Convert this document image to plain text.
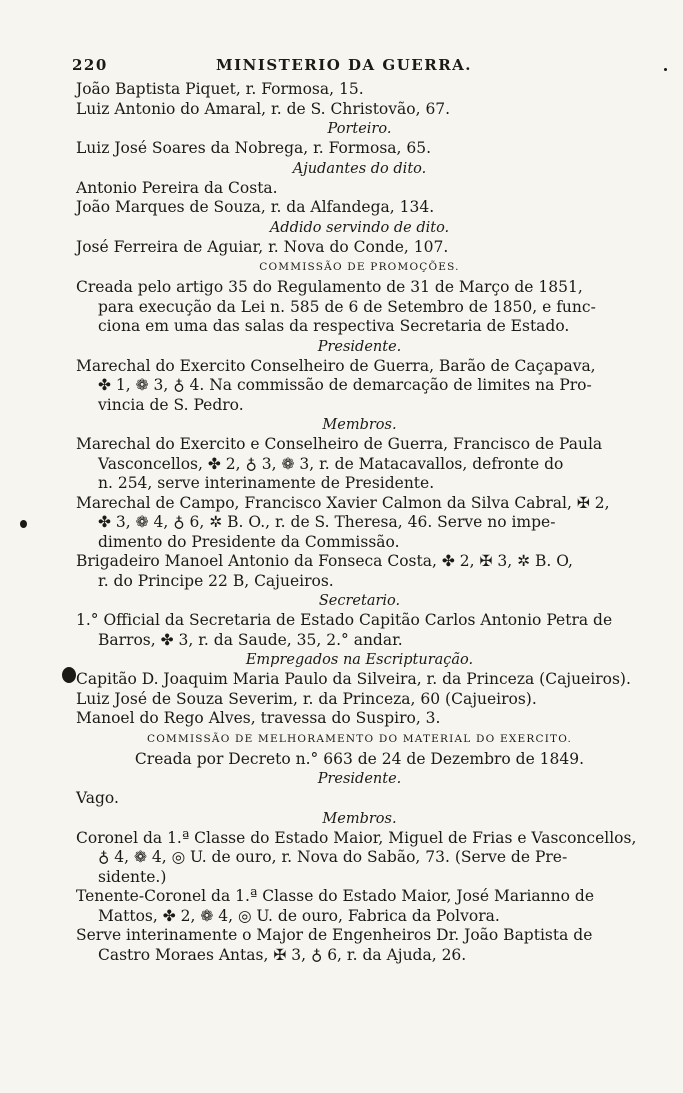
220	MINISTERIO DA GUERRA.
João Baptista Piquet, r. Formosa, 15.
Luiz Antonio do Amaral, r. de S. Christovão, 67.
Porteiro.
Luiz José Soares da Nobrega, r. Formosa, 65.
Ajudantes do dito.
Antonio Pereira da Costa.
João Marques de Souza, r. da Alfandega, 134.
Addido servindo de dito.
José Ferreira de Aguiar, r. Nova do Conde, 107.
COMMISSÃO DE PROMOÇÕES.
Creada pelo artigo 35 do Regulamento de 31 de Março de 1851,
para execução da Lei n. 585 de 6 de Setembro de 1850, e func-
ciona em uma das salas da respectiva Secretaria de Estado.
Presidente.
Marechal do Exercito Conselheiro de Guerra, Barão de Caçapava,
✤ 1, ❁ 3, ♁ 4. Na commissão de demarcação de limites na Pro-
vincia de S. Pedro.
Membros.
Marechal do Exercito e Conselheiro de Guerra, Francisco de Paula
Vasconcellos, ✤ 2, ♁ 3, ❁ 3, r. de Matacavallos, defronte do
n. 254, serve interinamente de Presidente.
Marechal de Campo, Francisco Xavier Calmon da Silva Cabral, ✠ 2,
✤ 3, ❁ 4, ♁ 6, ✲ B. O., r. de S. Theresa, 46. Serve no impe-
dimento do Presidente da Commissão.
Brigadeiro Manoel Antonio da Fonseca Costa, ✤ 2, ✠ 3, ✲ B. O,
r. do Principe 22 B, Cajueiros.
Secretario.
1.° Official da Secretaria de Estado Capitão Carlos Antonio Petra de
Barros, ✤ 3, r. da Saude, 35, 2.° andar.
Empregados na Escripturação.
Capitão D. Joaquim Maria Paulo da Silveira, r. da Princeza (Cajueiros).
Luiz José de Souza Severim, r. da Princeza, 60 (Cajueiros).
Manoel do Rego Alves, travessa do Suspiro, 3.
COMMISSÃO DE MELHORAMENTO DO MATERIAL DO EXERCITO.
Creada por Decreto n.° 663 de 24 de Dezembro de 1849.
Presidente.
Vago.
Membros.
Coronel da 1.ª Classe do Estado Maior, Miguel de Frias e Vasconcellos,
♁ 4, ❁ 4, ◎ U. de ouro, r. Nova do Sabão, 73. (Serve de Pre-
sidente.)
Tenente-Coronel da 1.ª Classe do Estado Maior, José Marianno de
Mattos, ✤ 2, ❁ 4, ◎ U. de ouro, Fabrica da Polvora.
Serve interinamente o Major de Engenheiros Dr. João Baptista de
Castro Moraes Antas, ✠ 3, ♁ 6, r. da Ajuda, 26.
